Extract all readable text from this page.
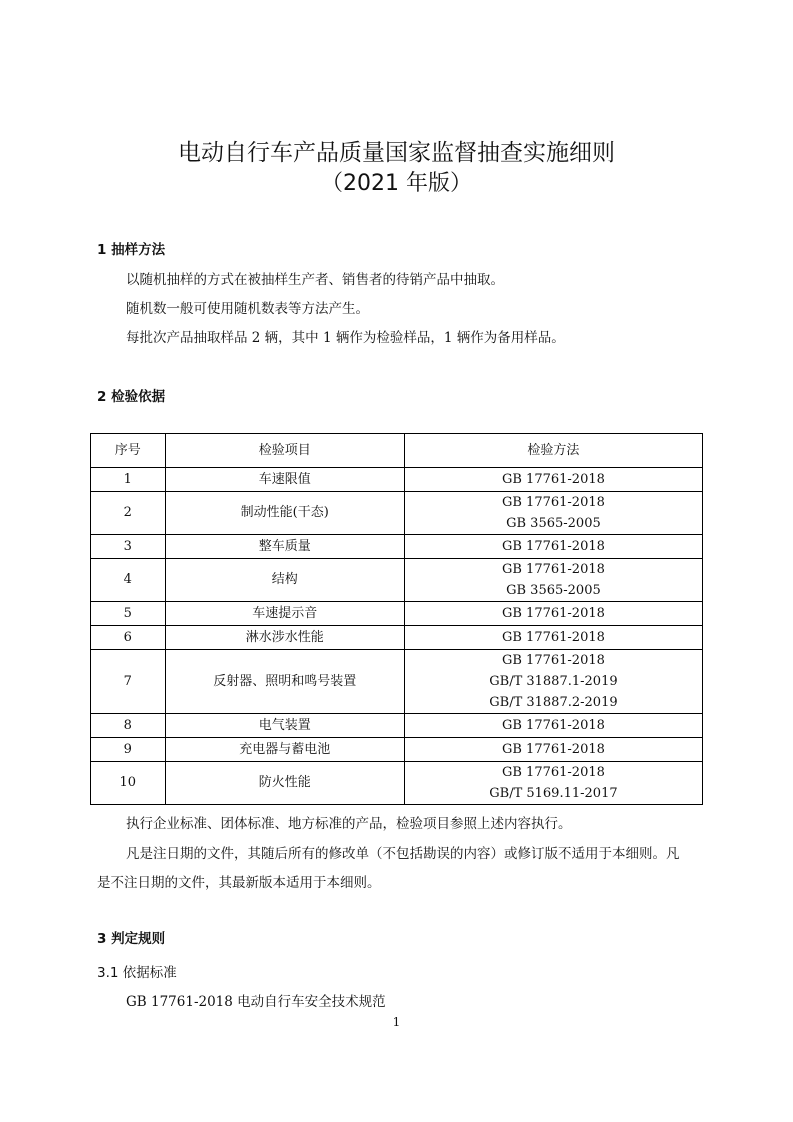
电动自行车产品质量国家监督抽查实施细则
（2021 年版）
1 抽样方法
以随机抽样的方式在被抽样生产者、销售者的待销产品中抽取。
随机数一般可使用随机数表等方法产生。
每批次产品抽取样品 2 辆，其中 1 辆作为检验样品，1 辆作为备用样品。
2 检验依据
序号	检验项目	检验方法
1	车速限值	GB 17761-2018

2	制动性能(干态)	GB 17761-2018
GB 3565-2005

3	整车质量	GB 17761-2018

4	结构	GB 17761-2018
GB 3565-2005

5	车速提示音	GB 17761-2018

6	淋水涉水性能	GB 17761-2018

7	反射器、照明和鸣号装置	GB 17761-2018
GB/T 31887.1-2019
GB/T 31887.2-2019

8	电气装置	GB 17761-2018

9	充电器与蓄电池	GB 17761-2018

10	防火性能	GB 17761-2018
GB/T 5169.11-2017
执行企业标准、团体标准、地方标准的产品，检验项目参照上述内容执行。
凡是注日期的文件，其随后所有的修改单（不包括勘误的内容）或修订版不适用于本细则。凡
是不注日期的文件，其最新版本适用于本细则。
3 判定规则
3.1 依据标准
GB 17761-2018 电动自行车安全技术规范
1
